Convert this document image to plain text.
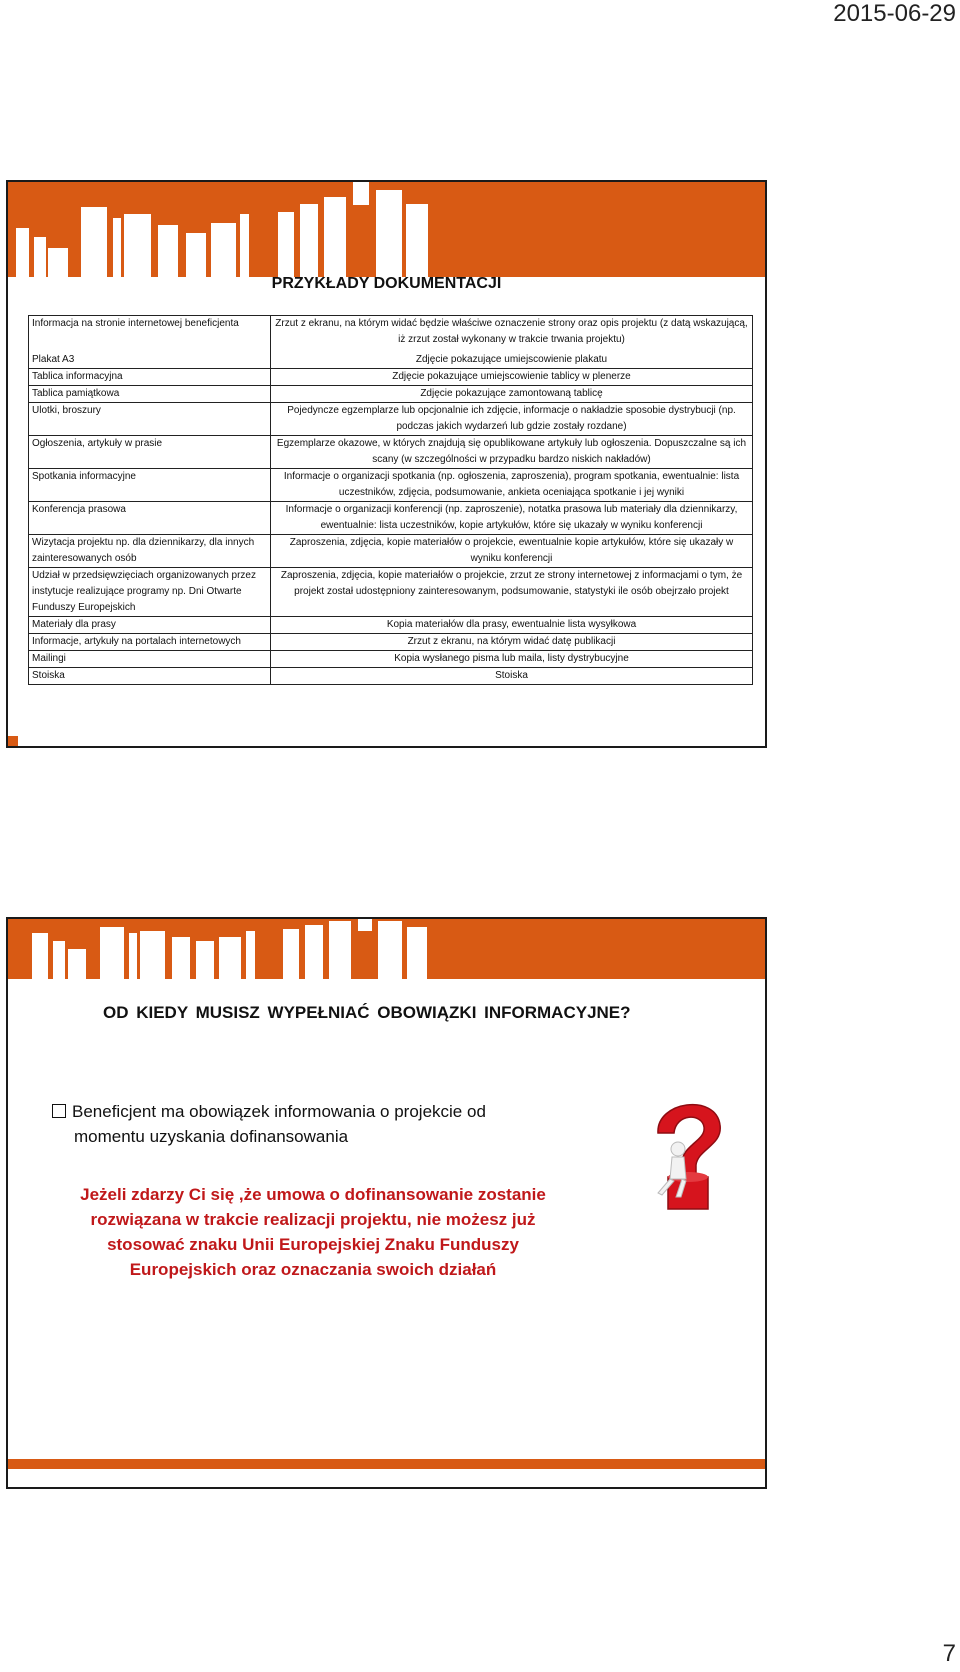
2015-06-29
PRZYKŁADY DOKUMENTACJI
Informacja na stronie internetowej beneficjenta	Zrzut z ekranu, na którym widać będzie właściwe oznaczenie strony oraz opis projektu (z datą wskazującą, iż zrzut został wykonany w trakcie trwania projektu)
Plakat A3	Zdjęcie pokazujące umiejscowienie plakatu
Tablica informacyjna	Zdjęcie pokazujące umiejscowienie tablicy w plenerze
Tablica pamiątkowa	Zdjęcie pokazujące zamontowaną tablicę
Ulotki, broszury	Pojedyncze egzemplarze lub opcjonalnie ich zdjęcie, informacje o nakładzie sposobie dystrybucji (np. podczas jakich wydarzeń lub gdzie zostały rozdane)
Ogłoszenia, artykuły w prasie	Egzemplarze okazowe, w których znajdują się opublikowane artykuły lub ogłoszenia. Dopuszczalne są ich scany (w szczególności w przypadku bardzo niskich nakładów)
Spotkania informacyjne	Informacje o organizacji spotkania (np. ogłoszenia, zaproszenia), program spotkania, ewentualnie: lista uczestników, zdjęcia, podsumowanie, ankieta oceniająca spotkanie i jej wyniki
Konferencja prasowa	Informacje o organizacji konferencji (np. zaproszenie), notatka prasowa lub materiały dla dziennikarzy, ewentualnie: lista uczestników, kopie artykułów, które się ukazały w wyniku konferencji
Wizytacja projektu np. dla dziennikarzy, dla innych zainteresowanych osób	Zaproszenia, zdjęcia, kopie materiałów o projekcie, ewentualnie kopie artykułów, które się ukazały w wyniku konferencji
Udział w przedsięwzięciach organizowanych przez instytucje realizujące programy np. Dni Otwarte Funduszy Europejskich	Zaproszenia, zdjęcia, kopie materiałów o projekcie, zrzut ze strony internetowej z informacjami o tym, że projekt został udostępniony zainteresowanym, podsumowanie, statystyki ile osób obejrzało projekt
Materiały dla prasy	Kopia materiałów dla prasy, ewentualnie lista wysyłkowa
Informacje, artykuły na portalach internetowych	Zrzut z ekranu, na którym widać datę publikacji
Mailingi	Kopia wysłanego pisma lub maila, listy dystrybucyjne
Stoiska	Stoiska
OD KIEDY MUSISZ WYPEŁNIAĆ OBOWIĄZKI INFORMACYJNE?
Beneficjent ma obowiązek informowania o projekcie od
momentu uzyskania dofinansowania
Jeżeli zdarzy Ci się ,że umowa o dofinansowanie zostanie
rozwiązana w trakcie realizacji projektu, nie możesz już
stosować znaku Unii Europejskiej Znaku Funduszy
Europejskich oraz oznaczania swoich działań
7
